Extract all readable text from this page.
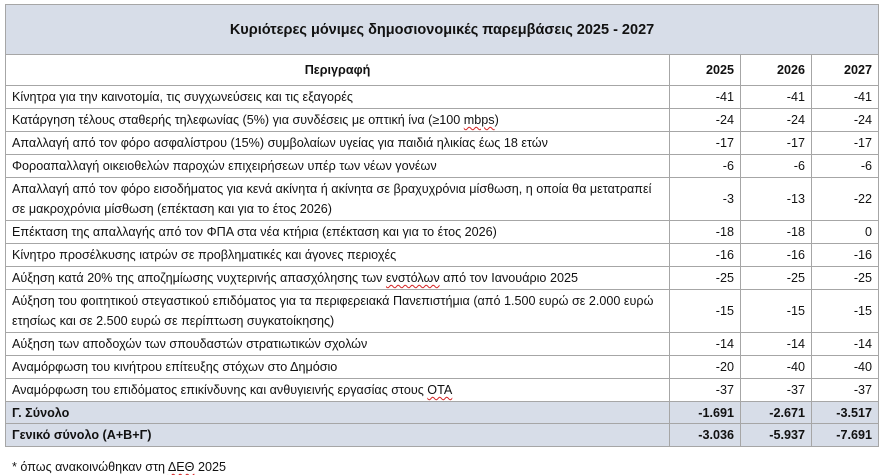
Κυριότερες μόνιμες δημοσιονομικές παρεμβάσεις 2025 - 2027			
Περιγραφή	2025	2026	2027
Κίνητρα για την καινοτομία, τις συγχωνεύσεις και τις εξαγορές	-41	-41	-41
Κατάργηση τέλους σταθερής τηλεφωνίας (5%) για συνδέσεις με οπτική ίνα (≥100 mbps)	-24	-24	-24
Απαλλαγή από τον φόρο ασφαλίστρου (15%) συμβολαίων υγείας για παιδιά ηλικίας έως 18 ετών	-17	-17	-17
Φοροαπαλλαγή οικειοθελών παροχών επιχειρήσεων υπέρ των νέων γονέων	-6	-6	-6
Απαλλαγή από τον φόρο εισοδήματος για κενά ακίνητα ή ακίνητα σε βραχυχρόνια μίσθωση, η οποία θα μετατραπεί σε μακροχρόνια μίσθωση (επέκταση και για το έτος 2026)	-3	-13	-22
Επέκταση της απαλλαγής από τον ΦΠΑ στα νέα κτήρια (επέκταση και για το έτος 2026)	-18	-18	0
Κίνητρο προσέλκυσης ιατρών σε προβληματικές και άγονες περιοχές	-16	-16	-16
Αύξηση κατά 20% της αποζημίωσης νυχτερινής απασχόλησης των ενστόλων από τον Ιανουάριο 2025	-25	-25	-25
Αύξηση του φοιτητικού στεγαστικού επιδόματος για τα περιφερειακά Πανεπιστήμια (από 1.500 ευρώ σε 2.000 ευρώ ετησίως και σε 2.500 ευρώ σε περίπτωση συγκατοίκησης)	-15	-15	-15
Αύξηση των αποδοχών των σπουδαστών στρατιωτικών σχολών	-14	-14	-14
Αναμόρφωση του κινήτρου επίτευξης στόχων στο Δημόσιο	-20	-40	-40
Αναμόρφωση του επιδόματος επικίνδυνης και ανθυγιεινής εργασίας στους ΟΤΑ	-37	-37	-37
Γ. Σύνολο	-1.691	-2.671	-3.517
Γενικό σύνολο (Α+Β+Γ)	-3.036	-5.937	-7.691
* όπως ανακοινώθηκαν στη ΔΕΘ 2025
